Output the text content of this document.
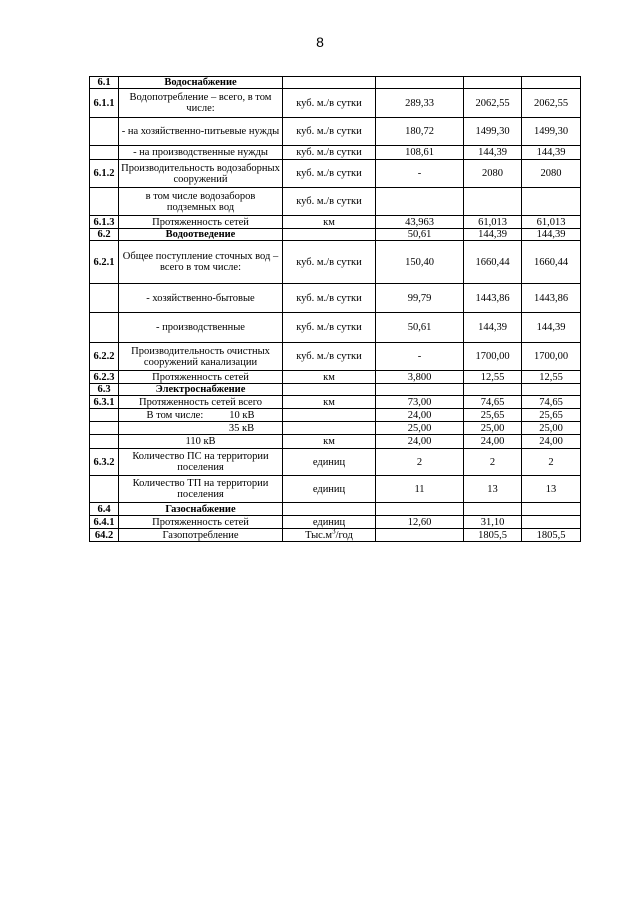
8
6.1	Водоснабжение				
6.1.1	Водопотребление – всего, в том числе:	куб. м./в сутки	289,33	2062,55	2062,55
	- на хозяйственно-питьевые нужды	куб. м./в сутки	180,72	1499,30	1499,30
	- на производственные нужды	куб. м./в сутки	108,61	144,39	144,39
6.1.2	Производительность водозаборных сооружений	куб. м./в сутки	-	2080	2080
	в том числе водозаборов подземных вод	куб. м./в сутки			
6.1.3	Протяженность сетей	км	43,963	61,013	61,013
6.2	Водоотведение		50,61	144,39	144,39
6.2.1	Общее поступление сточных вод – всего в том числе:	куб. м./в сутки	150,40	1660,44	1660,44
	- хозяйственно-бытовые	куб. м./в сутки	99,79	1443,86	1443,86
	- производственные	куб. м./в сутки	50,61	144,39	144,39
6.2.2	Производительность очистных сооружений канализации	куб. м./в сутки	-	1700,00	1700,00
6.2.3	Протяженность сетей	км	3,800	12,55	12,55
6.3	Электроснабжение				
6.3.1	Протяженность сетей всего	км	73,00	74,65	74,65
	В том числе: 10 кВ		24,00	25,65	25,65
	35 кВ		25,00	25,00	25,00
	110 кВ	км	24,00	24,00	24,00
6.3.2	Количество ПС на территории поселения	единиц	2	2	2
	Количество ТП на территории поселения	единиц	11	13	13
6.4	Газоснабжение				
6.4.1	Протяженность сетей	единиц	12,60	31,10	
64.2	Газопотребление	$Тыс.м^3$/год		1805,5	1805,5
